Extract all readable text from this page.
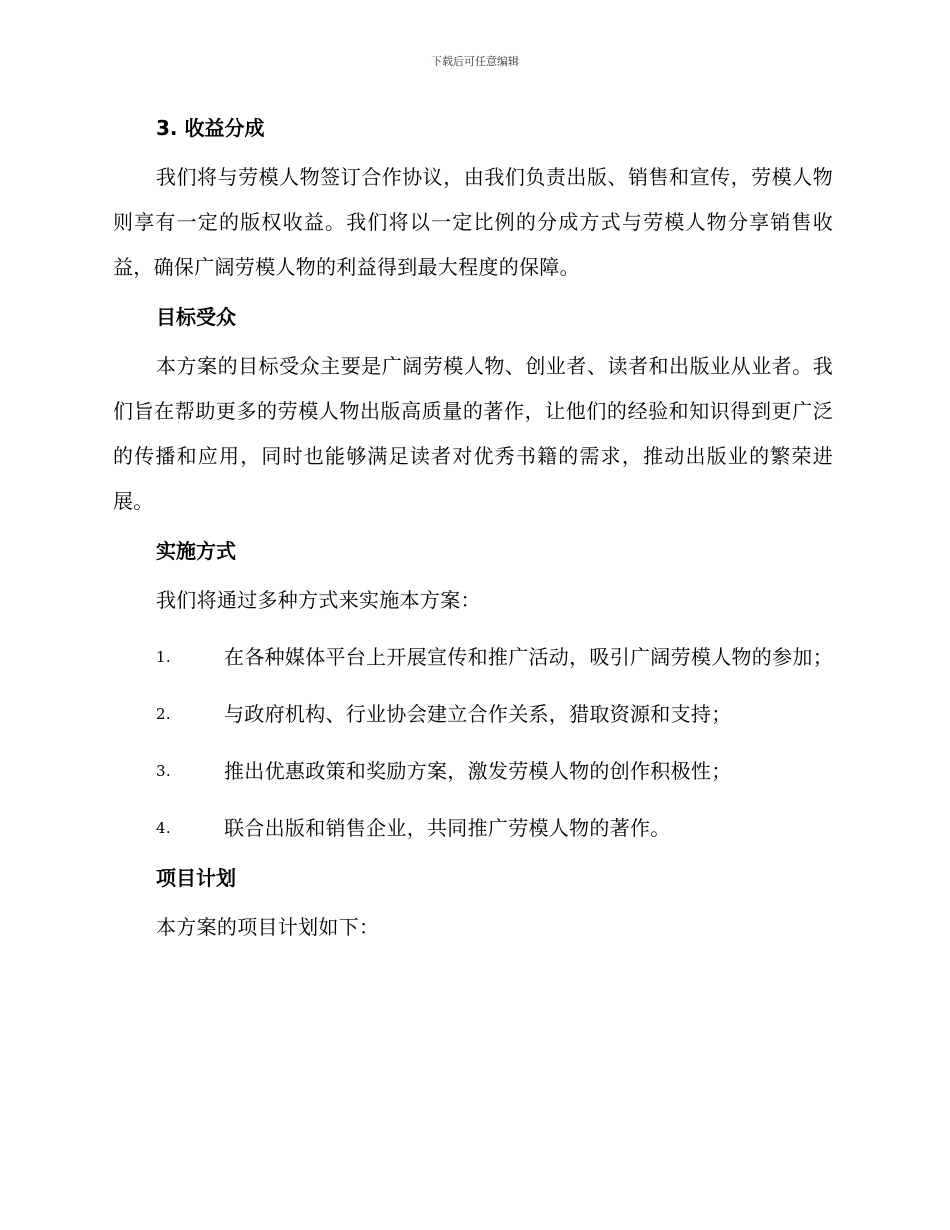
下载后可任意编辑
3. 收益分成

我们将与劳模人物签订合作协议，由我们负责出版、销售和宣传，劳模人物则享有一定的版权收益。我们将以一定比例的分成方式与劳模人物分享销售收益，确保广阔劳模人物的利益得到最大程度的保障。

目标受众

本方案的目标受众主要是广阔劳模人物、创业者、读者和出版业从业者。我们旨在帮助更多的劳模人物出版高质量的著作，让他们的经验和知识得到更广泛的传播和应用，同时也能够满足读者对优秀书籍的需求，推动出版业的繁荣进展。

实施方式

我们将通过多种方式来实施本方案：

1.	在各种媒体平台上开展宣传和推广活动，吸引广阔劳模人物的参加；

2.	与政府机构、行业协会建立合作关系，猎取资源和支持；

3.	推出优惠政策和奖励方案，激发劳模人物的创作积极性；

4.	联合出版和销售企业，共同推广劳模人物的著作。

项目计划

本方案的项目计划如下：
